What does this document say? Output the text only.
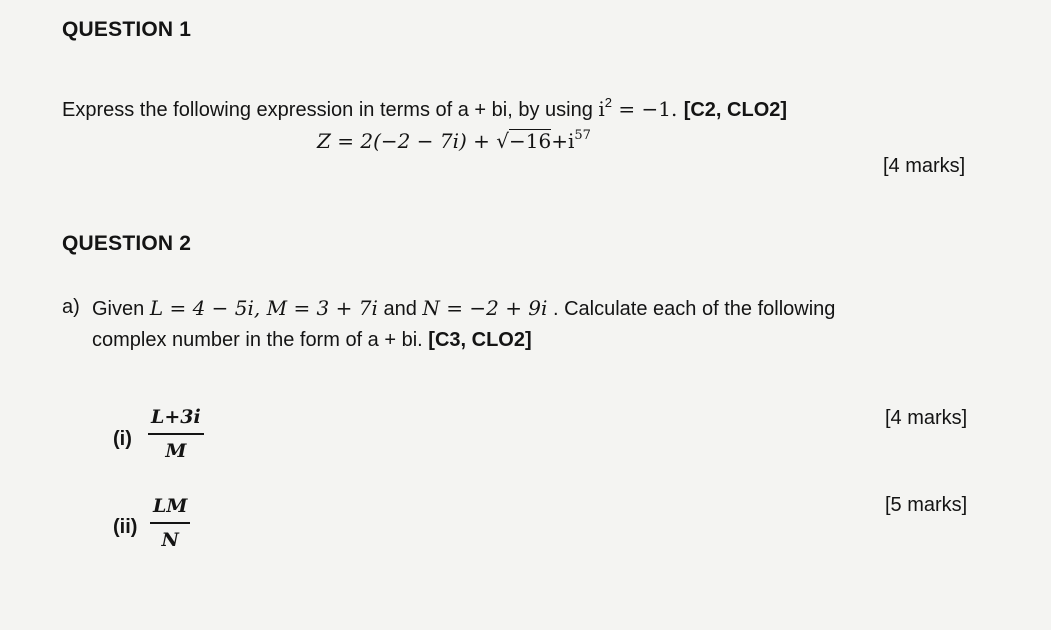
QUESTION 1
Express the following expression in terms of a + bi, by using $i^2 = -1$. [C2, CLO2]
$Z = 2(-2 - 7i) + √-16+i^{57}$
[4 marks]
QUESTION 2
a) Given L = 4 − 5i, M = 3 + 7i and N = −2 + 9i . Calculate each of the following
complex number in the form of a + bi. [C3, CLO2]
$(i) \frac{L+3i}{M}$	[4 marks]
$(ii) \frac{LM}{N}$	[5 marks]
